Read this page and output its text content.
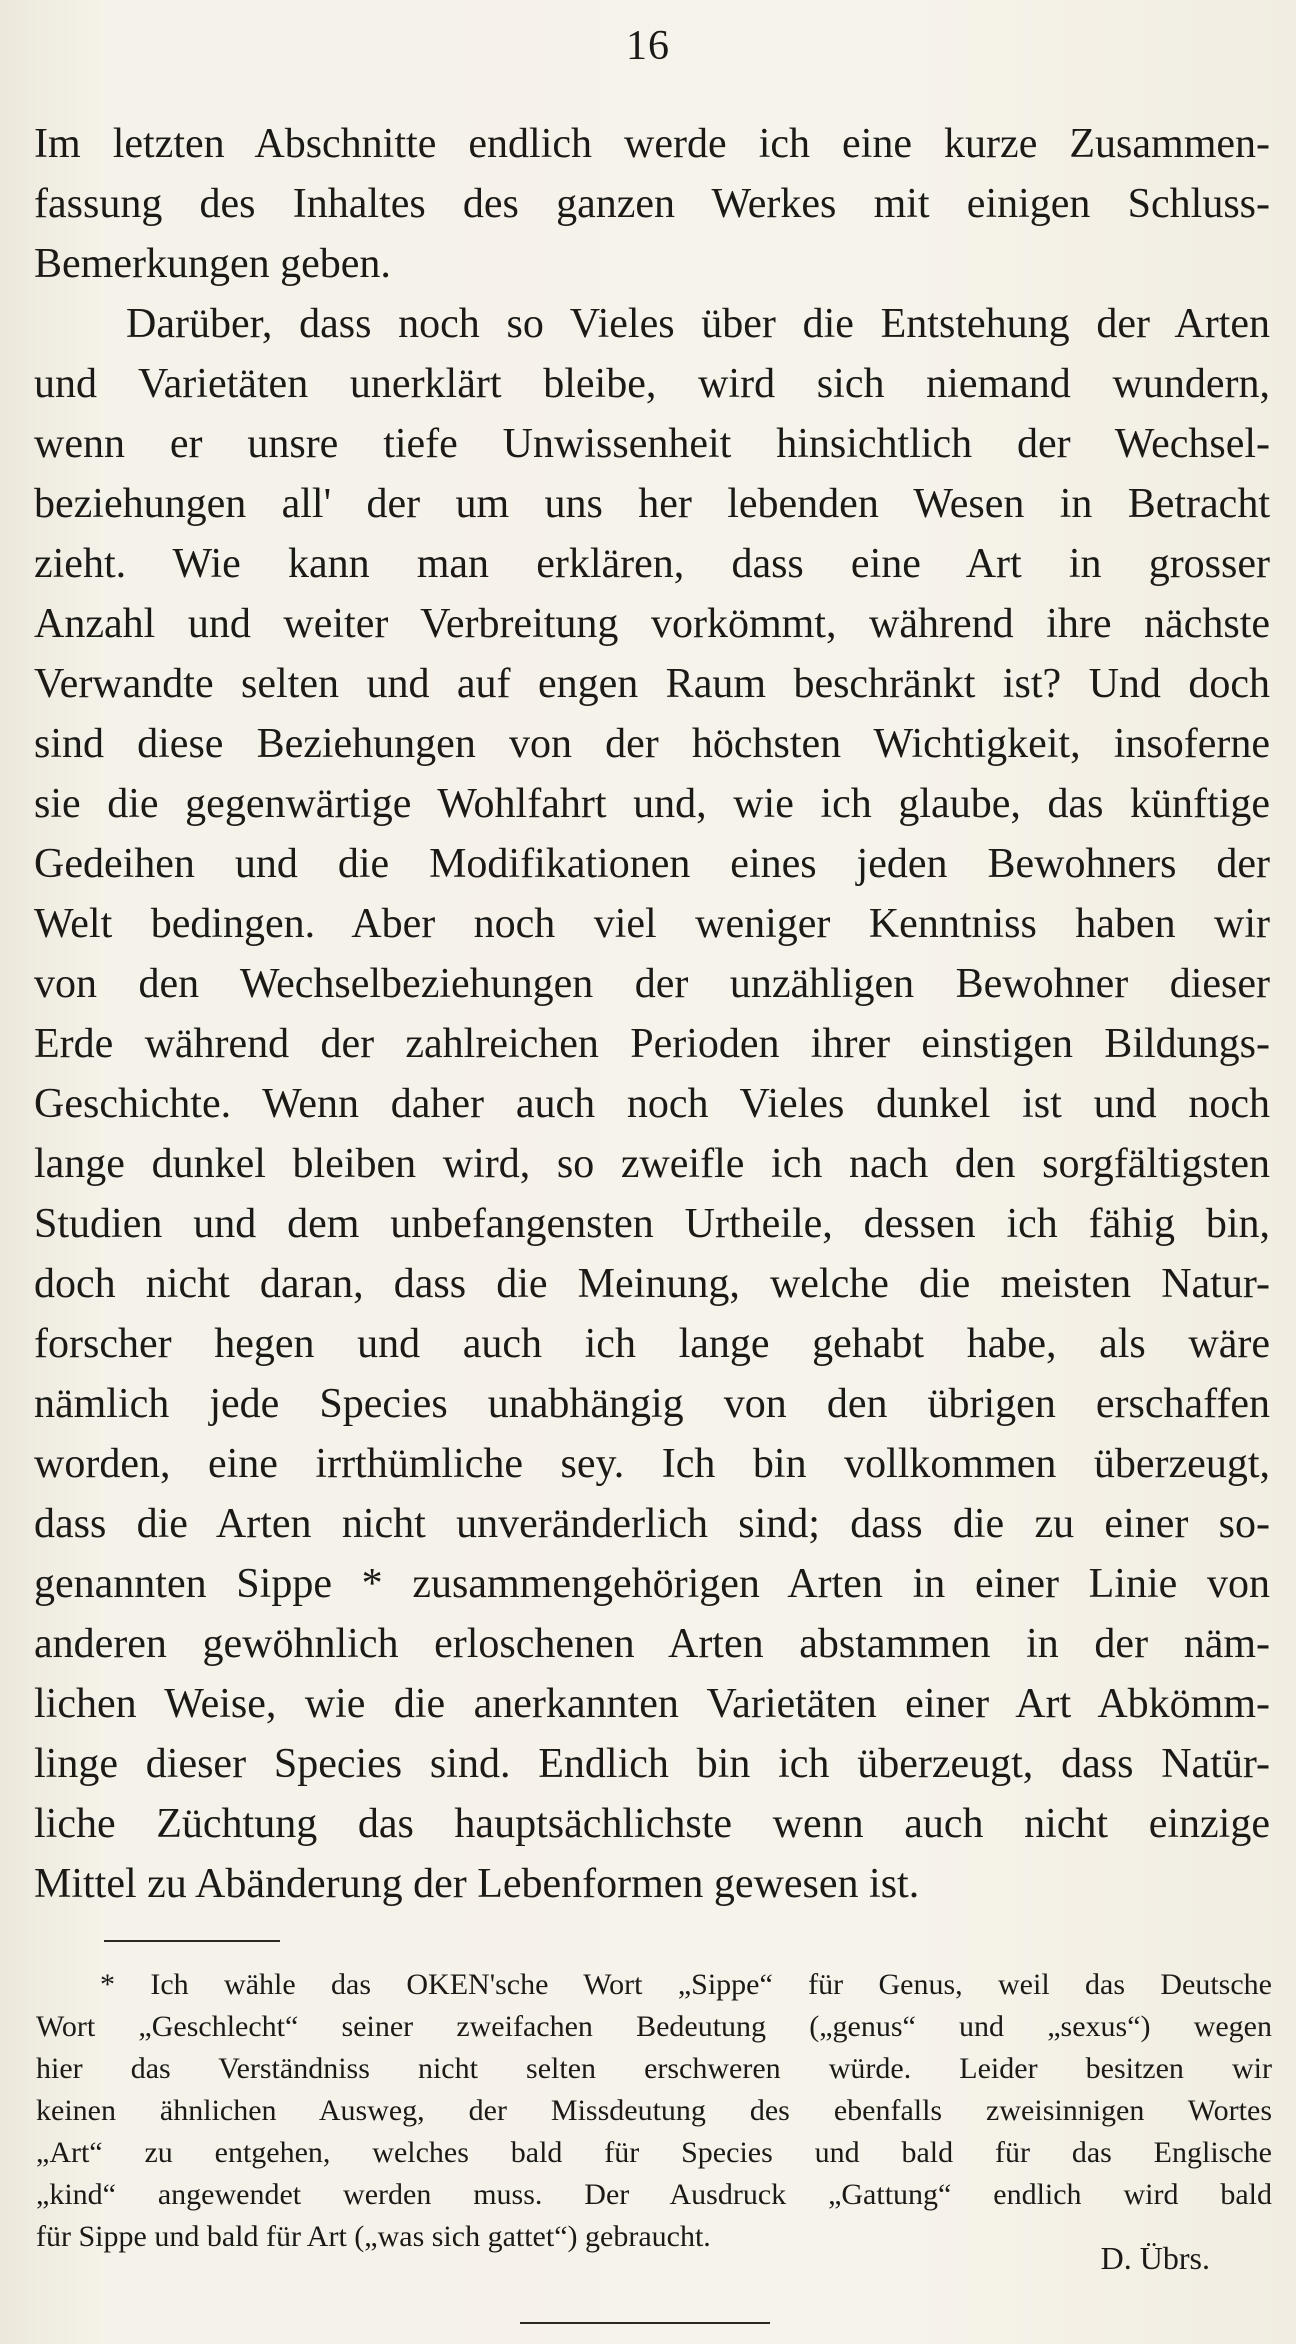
16
Im letzten Abschnitte endlich werde ich eine kurze Zusammen-
fassung des Inhaltes des ganzen Werkes mit einigen Schluss-
Bemerkungen geben.
Darüber, dass noch so Vieles über die Entstehung der Arten
und Varietäten unerklärt bleibe, wird sich niemand wundern,
wenn er unsre tiefe Unwissenheit hinsichtlich der Wechsel-
beziehungen all' der um uns her lebenden Wesen in Betracht
zieht. Wie kann man erklären, dass eine Art in grosser
Anzahl und weiter Verbreitung vorkömmt, während ihre nächste
Verwandte selten und auf engen Raum beschränkt ist? Und doch
sind diese Beziehungen von der höchsten Wichtigkeit, insoferne
sie die gegenwärtige Wohlfahrt und, wie ich glaube, das künftige
Gedeihen und die Modifikationen eines jeden Bewohners der
Welt bedingen. Aber noch viel weniger Kenntniss haben wir
von den Wechselbeziehungen der unzähligen Bewohner dieser
Erde während der zahlreichen Perioden ihrer einstigen Bildungs-
Geschichte. Wenn daher auch noch Vieles dunkel ist und noch
lange dunkel bleiben wird, so zweifle ich nach den sorgfältigsten
Studien und dem unbefangensten Urtheile, dessen ich fähig bin,
doch nicht daran, dass die Meinung, welche die meisten Natur-
forscher hegen und auch ich lange gehabt habe, als wäre
nämlich jede Species unabhängig von den übrigen erschaffen
worden, eine irrthümliche sey. Ich bin vollkommen überzeugt,
dass die Arten nicht unveränderlich sind; dass die zu einer so-
genannten Sippe * zusammengehörigen Arten in einer Linie von
anderen gewöhnlich erloschenen Arten abstammen in der näm-
lichen Weise, wie die anerkannten Varietäten einer Art Abkömm-
linge dieser Species sind. Endlich bin ich überzeugt, dass Natür-
liche Züchtung das hauptsächlichste wenn auch nicht einzige
Mittel zu Abänderung der Lebenformen gewesen ist.
* Ich wähle das OKEN'sche Wort „Sippe“ für Genus, weil das Deutsche
Wort „Geschlecht“ seiner zweifachen Bedeutung („genus“ und „sexus“) wegen
hier das Verständniss nicht selten erschweren würde. Leider besitzen wir
keinen ähnlichen Ausweg, der Missdeutung des ebenfalls zweisinnigen Wortes
„Art“ zu entgehen, welches bald für Species und bald für das Englische
„kind“ angewendet werden muss. Der Ausdruck „Gattung“ endlich wird bald
für Sippe und bald für Art („was sich gattet“) gebraucht.
D. Übrs.
